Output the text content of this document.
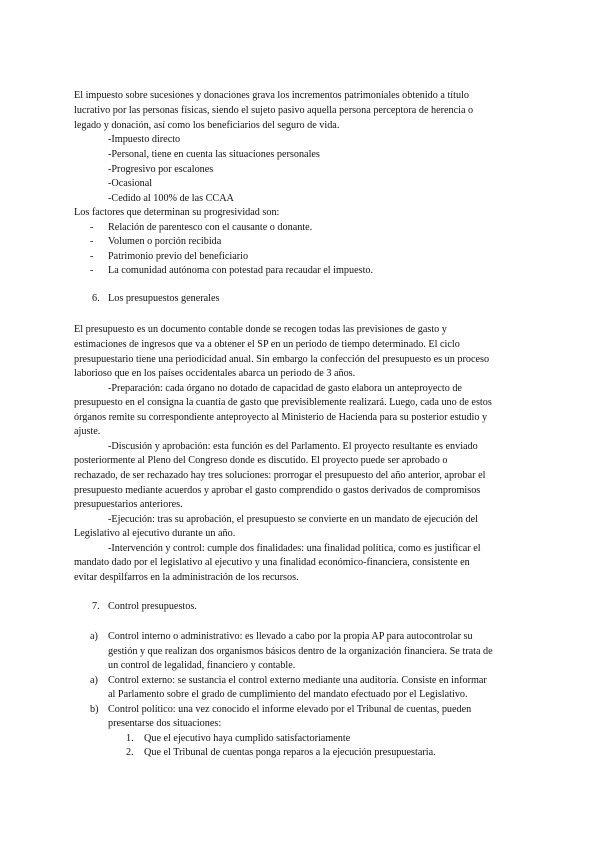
El impuesto sobre sucesiones y donaciones grava los incrementos patrimoniales obtenido a título
lucrativo por las personas físicas, siendo el sujeto pasivo aquella persona perceptora de herencia o
legado y donación, así como los beneficiarios del seguro de vida.
-Impuesto directo
-Personal, tiene en cuenta las situaciones personales
-Progresivo por escalones
-Ocasional
-Cedido al 100% de las CCAA
Los factores que determinan su progresividad son:
- Relación de parentesco con el causante o donante.
- Volumen o porción recibida
- Patrimonio previo del beneficiario
- La comunidad autónoma con potestad para recaudar el impuesto.
6. Los presupuestos generales
El presupuesto es un documento contable donde se recogen todas las previsiones de gasto y
estimaciones de ingresos que va a obtener el SP en un periodo de tiempo determinado. El ciclo
presupuestario tiene una periodicidad anual. Sin embargo la confección del presupuesto es un proceso
laborioso que en los países occidentales abarca un periodo de 3 años.
-Preparación: cada órgano no dotado de capacidad de gasto elabora un anteproyecto de
presupuesto en el consigna la cuantía de gasto que previsiblemente realizará. Luego, cada uno de estos
órganos remite su correspondiente anteproyecto al Ministerio de Hacienda para su posterior estudio y
ajuste.
-Discusión y aprobación: esta función es del Parlamento. El proyecto resultante es enviado
posteriormente al Pleno del Congreso donde es discutido. El proyecto puede ser aprobado o
rechazado, de ser rechazado hay tres soluciones: prorrogar el presupuesto del año anterior, aprobar el
presupuesto mediante acuerdos y aprobar el gasto comprendido o gastos derivados de compromisos
presupuestarios anteriores.
-Ejecución: tras su aprobación, el presupuesto se convierte en un mandato de ejecución del
Legislativo al ejecutivo durante un año.
-Intervención y control: cumple dos finalidades: una finalidad política, como es justificar el
mandato dado por el legislativo al ejecutivo y una finalidad económico-financiera, consistente en
evitar despilfarros en la administración de los recursos.
7. Control presupuestos.
a) Control interno o administrativo: es llevado a cabo por la propia AP para autocontrolar su
gestión y que realizan dos organismos básicos dentro de la organización financiera. Se trata de
un control de legalidad, financiero y contable.
a) Control externo: se sustancia el control externo mediante una auditoría. Consiste en informar
al Parlamento sobre el grado de cumplimiento del mandato efectuado por el Legislativo.
b) Control político: una vez conocido el informe elevado por el Tribunal de cuentas, pueden
presentarse dos situaciones:
1. Que el ejecutivo haya cumplido satisfactoriamente
2. Que el Tribunal de cuentas ponga reparos a la ejecución presupuestaria.
